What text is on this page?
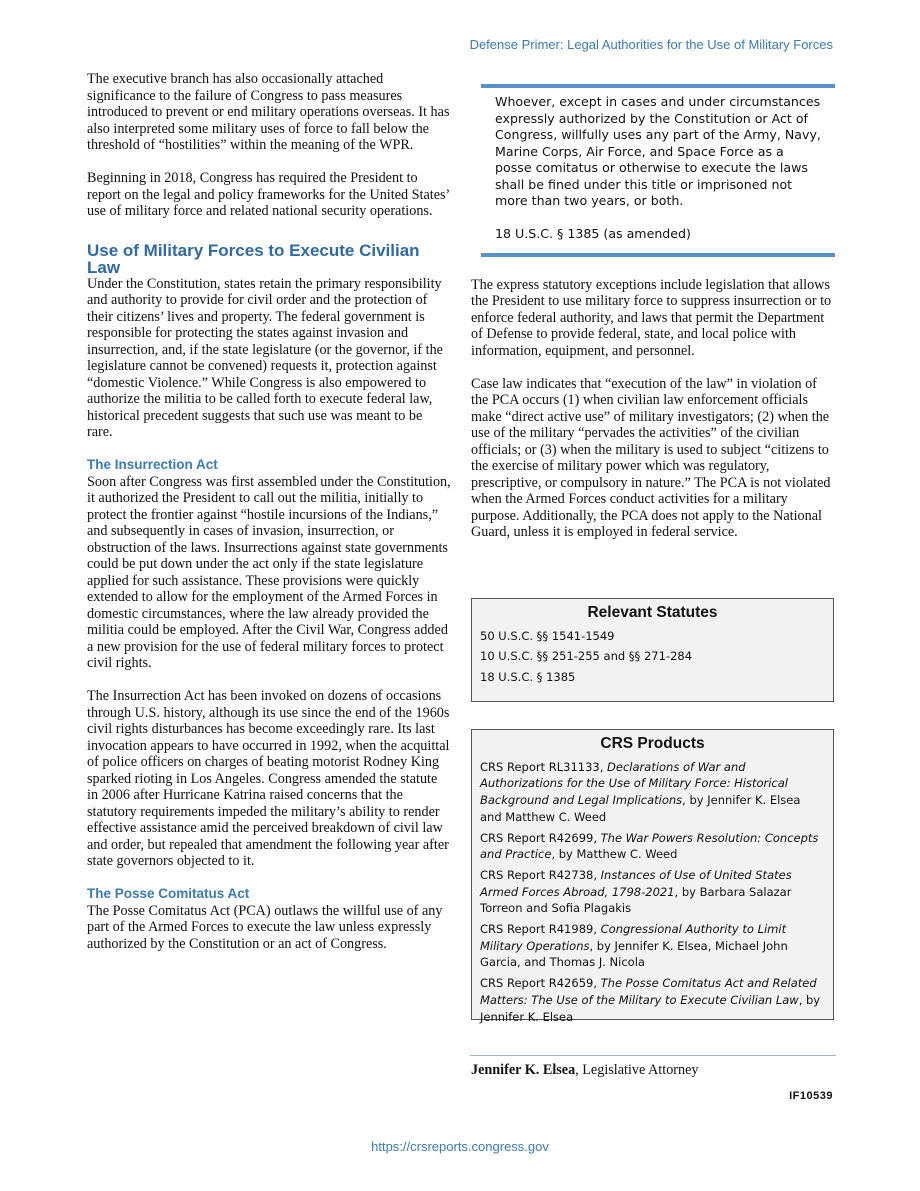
Defense Primer: Legal Authorities for the Use of Military Forces

The executive branch has also occasionally attached significance to the failure of Congress to pass measures introduced to prevent or end military operations overseas. It has also interpreted some military uses of force to fall below the threshold of “hostilities” within the meaning of the WPR.

Beginning in 2018, Congress has required the President to report on the legal and policy frameworks for the United States’ use of military force and related national security operations.

Use of Military Forces to Execute Civilian Law

Under the Constitution, states retain the primary responsibility and authority to provide for civil order and the protection of their citizens’ lives and property. The federal government is responsible for protecting the states against invasion and insurrection, and, if the state legislature (or the governor, if the legislature cannot be convened) requests it, protection against “domestic Violence.” While Congress is also empowered to authorize the militia to be called forth to execute federal law, historical precedent suggests that such use was meant to be rare.

The Insurrection Act

Soon after Congress was first assembled under the Constitution, it authorized the President to call out the militia, initially to protect the frontier against “hostile incursions of the Indians,” and subsequently in cases of invasion, insurrection, or obstruction of the laws. Insurrections against state governments could be put down under the act only if the state legislature applied for such assistance. These provisions were quickly extended to allow for the employment of the Armed Forces in domestic circumstances, where the law already provided the militia could be employed. After the Civil War, Congress added a new provision for the use of federal military forces to protect civil rights.

The Insurrection Act has been invoked on dozens of occasions through U.S. history, although its use since the end of the 1960s civil rights disturbances has become exceedingly rare. Its last invocation appears to have occurred in 1992, when the acquittal of police officers on charges of beating motorist Rodney King sparked rioting in Los Angeles. Congress amended the statute in 2006 after Hurricane Katrina raised concerns that the statutory requirements impeded the military’s ability to render effective assistance amid the perceived breakdown of civil law and order, but repealed that amendment the following year after state governors objected to it.

The Posse Comitatus Act

The Posse Comitatus Act (PCA) outlaws the willful use of any part of the Armed Forces to execute the law unless expressly authorized by the Constitution or an act of Congress.

Whoever, except in cases and under circumstances expressly authorized by the Constitution or Act of Congress, willfully uses any part of the Army, Navy, Marine Corps, Air Force, and Space Force as a posse comitatus or otherwise to execute the laws shall be fined under this title or imprisoned not more than two years, or both.

18 U.S.C. § 1385 (as amended)

The express statutory exceptions include legislation that allows the President to use military force to suppress insurrection or to enforce federal authority, and laws that permit the Department of Defense to provide federal, state, and local police with information, equipment, and personnel.

Case law indicates that “execution of the law” in violation of the PCA occurs (1) when civilian law enforcement officials make “direct active use” of military investigators; (2) when the use of the military “pervades the activities” of the civilian officials; or (3) when the military is used to subject “citizens to the exercise of military power which was regulatory, prescriptive, or compulsory in nature.” The PCA is not violated when the Armed Forces conduct activities for a military purpose. Additionally, the PCA does not apply to the National Guard, unless it is employed in federal service.

Relevant Statutes
50 U.S.C. §§ 1541-1549
10 U.S.C. §§ 251-255 and §§ 271-284
18 U.S.C. § 1385
CRS Products
CRS Report RL31133, Declarations of War and Authorizations for the Use of Military Force: Historical Background and Legal Implications, by Jennifer K. Elsea and Matthew C. Weed
CRS Report R42699, The War Powers Resolution: Concepts and Practice, by Matthew C. Weed
CRS Report R42738, Instances of Use of United States Armed Forces Abroad, 1798-2021, by Barbara Salazar Torreon and Sofia Plagakis
CRS Report R41989, Congressional Authority to Limit Military Operations, by Jennifer K. Elsea, Michael John Garcia, and Thomas J. Nicola
CRS Report R42659, The Posse Comitatus Act and Related Matters: The Use of the Military to Execute Civilian Law, by Jennifer K. Elsea
Jennifer K. Elsea, Legislative Attorney
IF10539
https://crsreports.congress.gov
